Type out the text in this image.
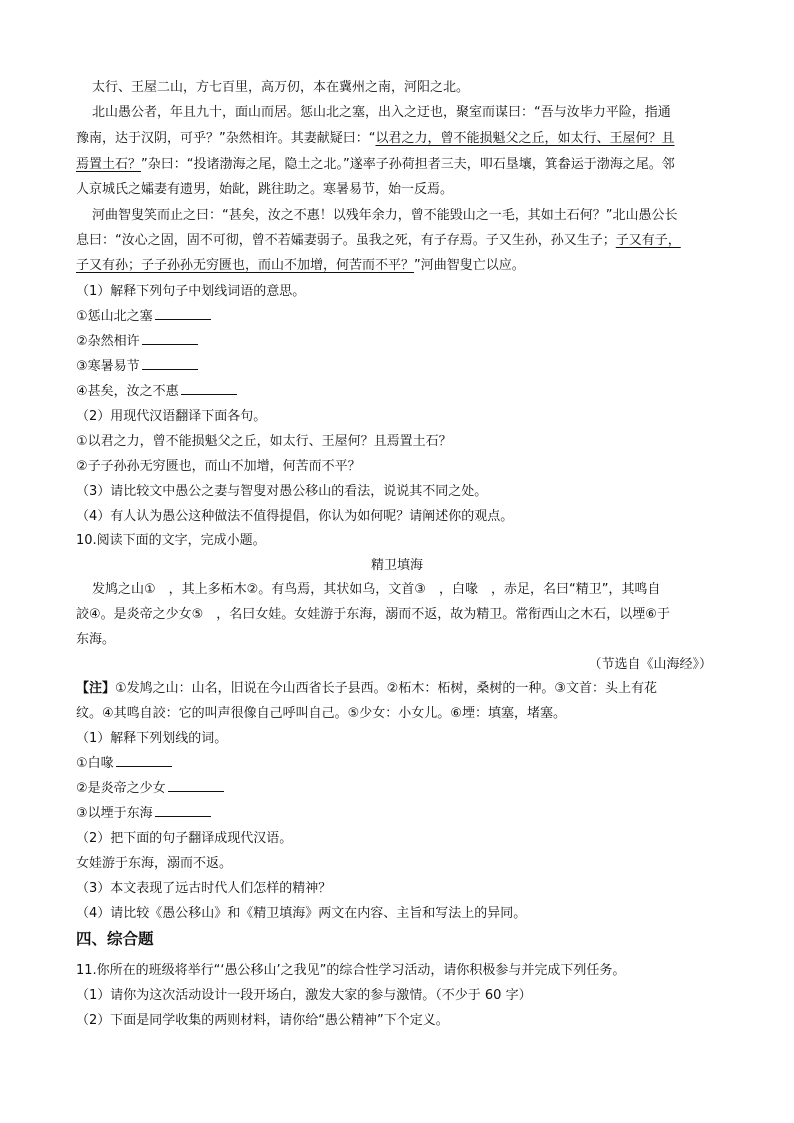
太行、王屋二山，方七百里，高万仞，本在冀州之南，河阳之北。
北山愚公者，年且九十，面山而居。惩山北之塞，出入之迂也，聚室而谋曰：“吾与汝毕力平险，指通
豫南，达于汉阴，可乎？”杂然相许。其妻献疑曰：“以君之力，曾不能损魁父之丘，如太行、王屋何？且
焉置土石？”杂曰：“投诸渤海之尾，隐土之北。”遂率子孙荷担者三夫，叩石垦壤，箕畚运于渤海之尾。邻
人京城氏之孀妻有遗男，始龀，跳往助之。寒暑易节，始一反焉。
河曲智叟笑而止之曰：“甚矣，汝之不惠！以残年余力，曾不能毁山之一毛，其如土石何？”北山愚公长
息曰：“汝心之固，固不可彻，曾不若孀妻弱子。虽我之死，有子存焉。子又生孙，孙又生子；子又有子，
子又有孙；子子孙孙无穷匮也，而山不加增，何苦而不平？”河曲智叟亡以应。
（1）解释下列句子中划线词语的意思。
①惩山北之塞
②杂然相许
③寒暑易节
④甚矣，汝之不惠
（2）用现代汉语翻译下面各句。
①以君之力，曾不能损魁父之丘，如太行、王屋何？且焉置土石？
②子子孙孙无穷匮也，而山不加增，何苦而不平？
（3）请比较文中愚公之妻与智叟对愚公移山的看法，说说其不同之处。
（4）有人认为愚公这种做法不值得提倡，你认为如何呢？请阐述你的观点。
10.阅读下面的文字，完成小题。
精卫填海
发鸠之山①　，其上多柘木②。有鸟焉，其状如乌，文首③　，白喙　，赤足，名曰“精卫”，其鸣自
詨④。是炎帝之少女⑤　，名曰女娃。女娃游于东海，溺而不返，故为精卫。常衔西山之木石，以堙⑥于
东海。
（节选自《山海经》）
【注】①发鸠之山：山名，旧说在今山西省长子县西。②柘木：柘树，桑树的一种。③文首：头上有花
纹。④其鸣自詨：它的叫声很像自己呼叫自己。⑤少女：小女儿。⑥堙：填塞，堵塞。
（1）解释下列划线的词。
①白喙
②是炎帝之少女
③以堙于东海
（2）把下面的句子翻译成现代汉语。
女娃游于东海，溺而不返。
（3）本文表现了远古时代人们怎样的精神？
（4）请比较《愚公移山》和《精卫填海》两文在内容、主旨和写法上的异同。
四、综合题
11.你所在的班级将举行“‘愚公移山’之我见”的综合性学习活动，请你积极参与并完成下列任务。
（1）请你为这次活动设计一段开场白，激发大家的参与激情。（不少于 60 字）
（2）下面是同学收集的两则材料，请你给“愚公精神”下个定义。
